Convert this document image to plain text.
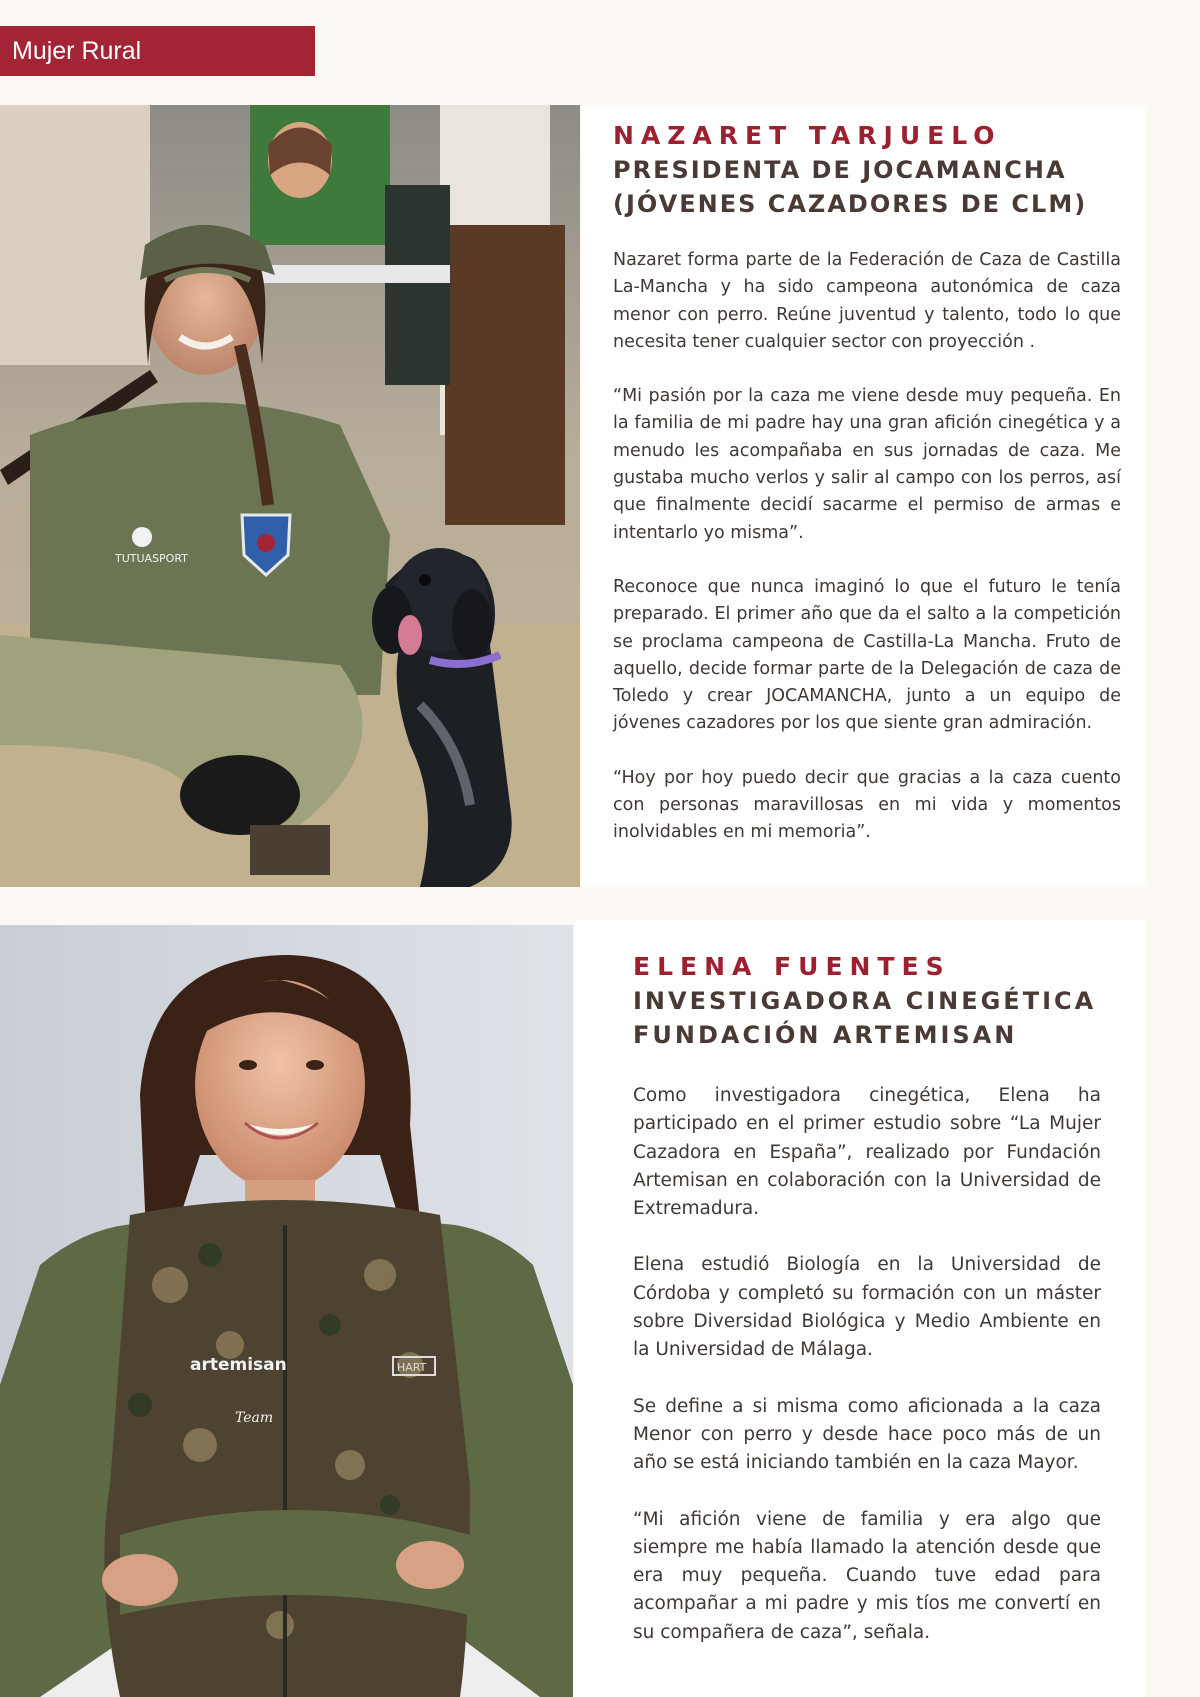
Mujer Rural
TUTUASPORT

NAZARET TARJUELO

PRESIDENTA DE JOCAMANCHA

(JÓVENES CAZADORES DE CLM)

Nazaret forma parte de la Federación de Caza de Castilla La-Mancha y ha sido campeona autonómica de caza menor con perro. Reúne juventud y talento, todo lo que necesita tener cualquier sector con proyección .

“Mi pasión por la caza me viene desde muy pequeña. En la familia de mi padre hay una gran afición cinegética y a menudo les acompañaba en sus jornadas de caza. Me gustaba mucho verlos y salir al campo con los perros, así que finalmente decidí sacarme el permiso de armas e intentarlo yo misma”.

Reconoce que nunca imaginó lo que el futuro le tenía preparado. El primer año que da el salto a la competición se proclama campeona de Castilla-La Mancha. Fruto de aquello, decide formar parte de la Delegación de caza de Toledo y crear JOCAMANCHA, junto a un equipo de jóvenes cazadores por los que siente gran admiración.

“Hoy por hoy puedo decir que gracias a la caza cuento con personas maravillosas en mi vida y momentos inolvidables en mi memoria”.

artemisan
Team
HART

ELENA FUENTES

INVESTIGADORA CINEGÉTICA

FUNDACIÓN ARTEMISAN

Como investigadora cinegética, Elena ha participado en el primer estudio sobre “La Mujer Cazadora en España”, realizado por Fundación Artemisan en colaboración con la Universidad de Extremadura.

Elena estudió Biología en la Universidad de Córdoba y completó su formación con un máster sobre Diversidad Biológica y Medio Ambiente en la Universidad de Málaga.

Se define a si misma como aficionada a la caza Menor con perro y desde hace poco más de un año se está iniciando también en la caza Mayor.

“Mi afición viene de familia y era algo que siempre me había llamado la atención desde que era muy pequeña. Cuando tuve edad para acompañar a mi padre y mis tíos me convertí en su compañera de caza”, señala.
